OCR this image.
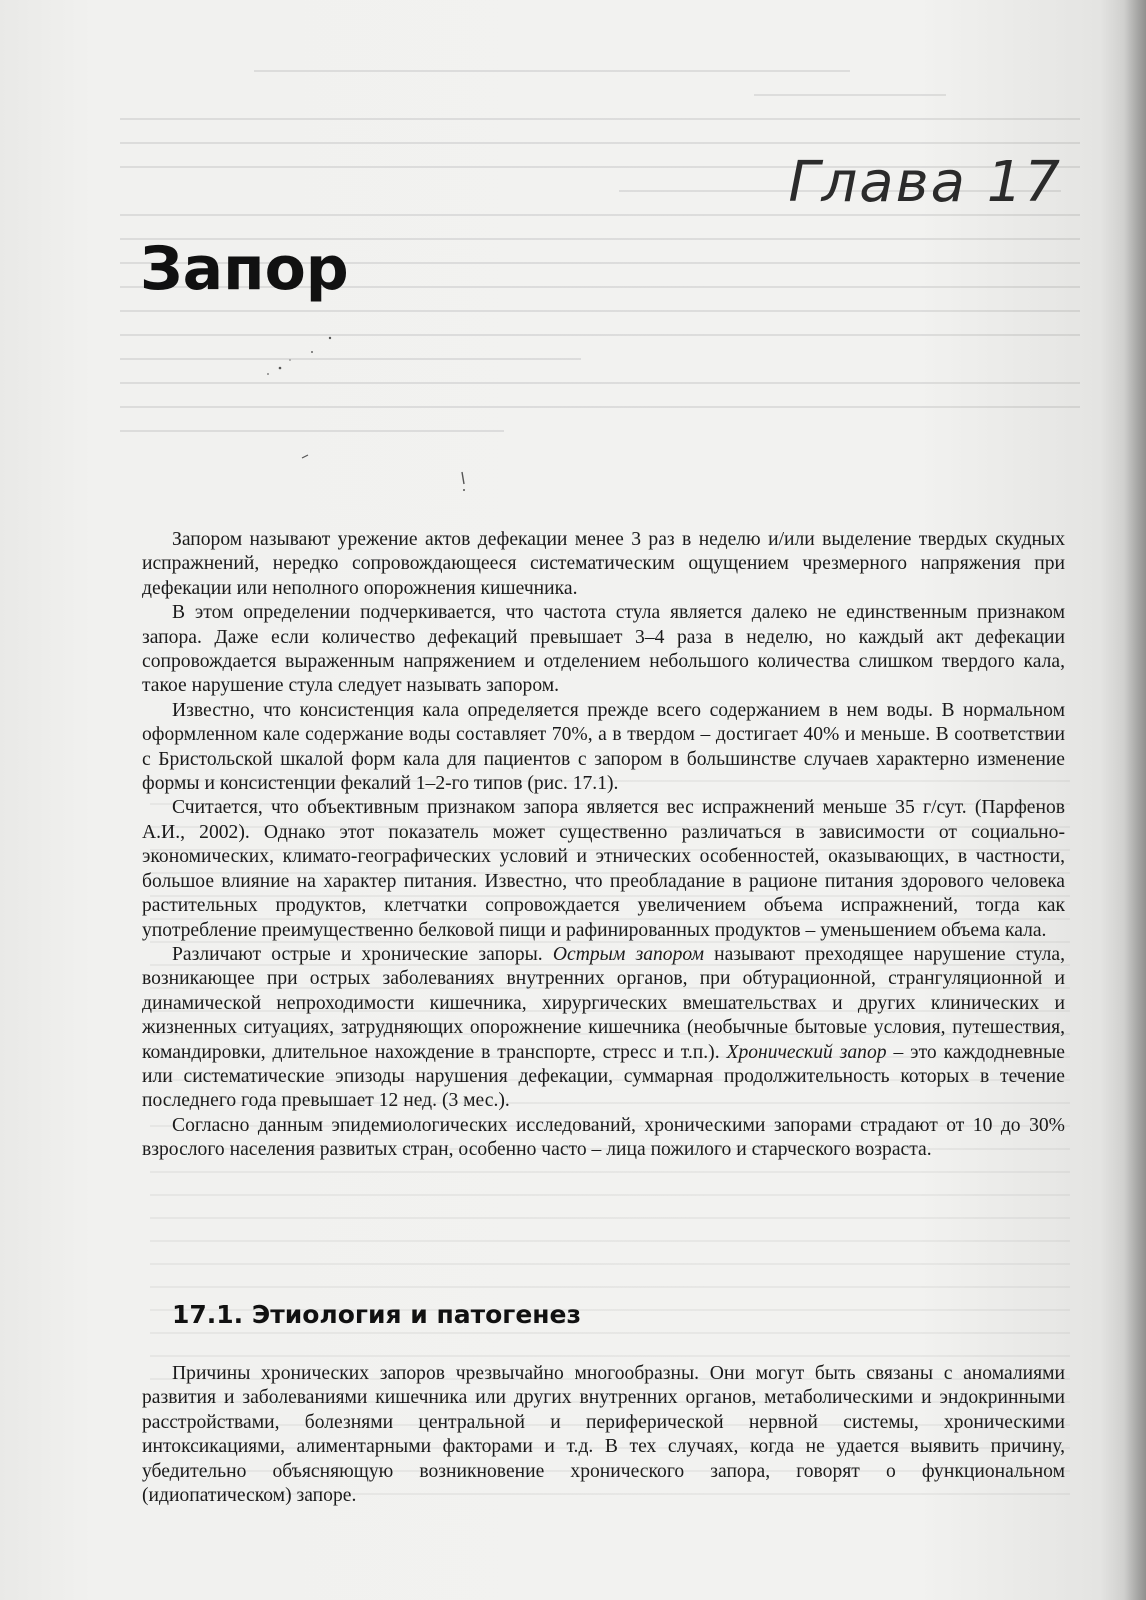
Глава 17
Запор

Запором называют урежение актов дефекации менее 3 раз в неделю и/или выделение твердых скудных испражнений, нередко сопровождающееся систематическим ощущением чрезмерного напряжения при дефекации или неполного опорожнения кишечника.

В этом определении подчеркивается, что частота стула является далеко не единственным признаком запора. Даже если количество дефекаций превышает 3–4 раза в неделю, но каждый акт дефекации сопровождается выраженным напряжением и отделением небольшого количества слишком твердого кала, такое нарушение стула следует называть запором.

Известно, что консистенция кала определяется прежде всего содержанием в нем воды. В нормальном оформленном кале содержание воды составляет 70%, а в твердом – достигает 40% и меньше. В соответствии с Бристольской шкалой форм кала для пациентов с запором в большинстве случаев характерно изменение формы и консистенции фекалий 1–2-го типов (рис. 17.1).

Считается, что объективным признаком запора является вес испражнений меньше 35 г/сут. (Парфенов А.И., 2002). Однако этот показатель может существенно различаться в зависимости от социально-экономических, климато-географических условий и этнических особенностей, оказывающих, в частности, большое влияние на характер питания. Известно, что преобладание в рационе питания здорового человека растительных продуктов, клетчатки сопровождается увеличением объема испражнений, тогда как употребление преимущественно белковой пищи и рафинированных продуктов – уменьшением объема кала.

Различают острые и хронические запоры. Острым запором называют преходящее нарушение стула, возникающее при острых заболеваниях внутренних органов, при обтурационной, странгуляционной и динамической непроходимости кишечника, хирургических вмешательствах и других клинических и жизненных ситуациях, затрудняющих опорожнение кишечника (необычные бытовые условия, путешествия, командировки, длительное нахождение в транспорте, стресс и т.п.). Хронический запор – это каждодневные или систематические эпизоды нарушения дефекации, суммарная продолжительность которых в течение последнего года превышает 12 нед. (3 мес.).

Согласно данным эпидемиологических исследований, хроническими запорами страдают от 10 до 30% взрослого населения развитых стран, особенно часто – лица пожилого и старческого возраста.

17.1. Этиология и патогенез

Причины хронических запоров чрезвычайно многообразны. Они могут быть связаны с аномалиями развития и заболеваниями кишечника или других внутренних органов, метаболическими и эндокринными расстройствами, болезнями центральной и периферической нервной системы, хроническими интоксикациями, алиментарными факторами и т.д. В тех случаях, когда не удается выявить причину, убедительно объясняющую возникновение хронического запора, говорят о функциональном (идиопатическом) запоре.
